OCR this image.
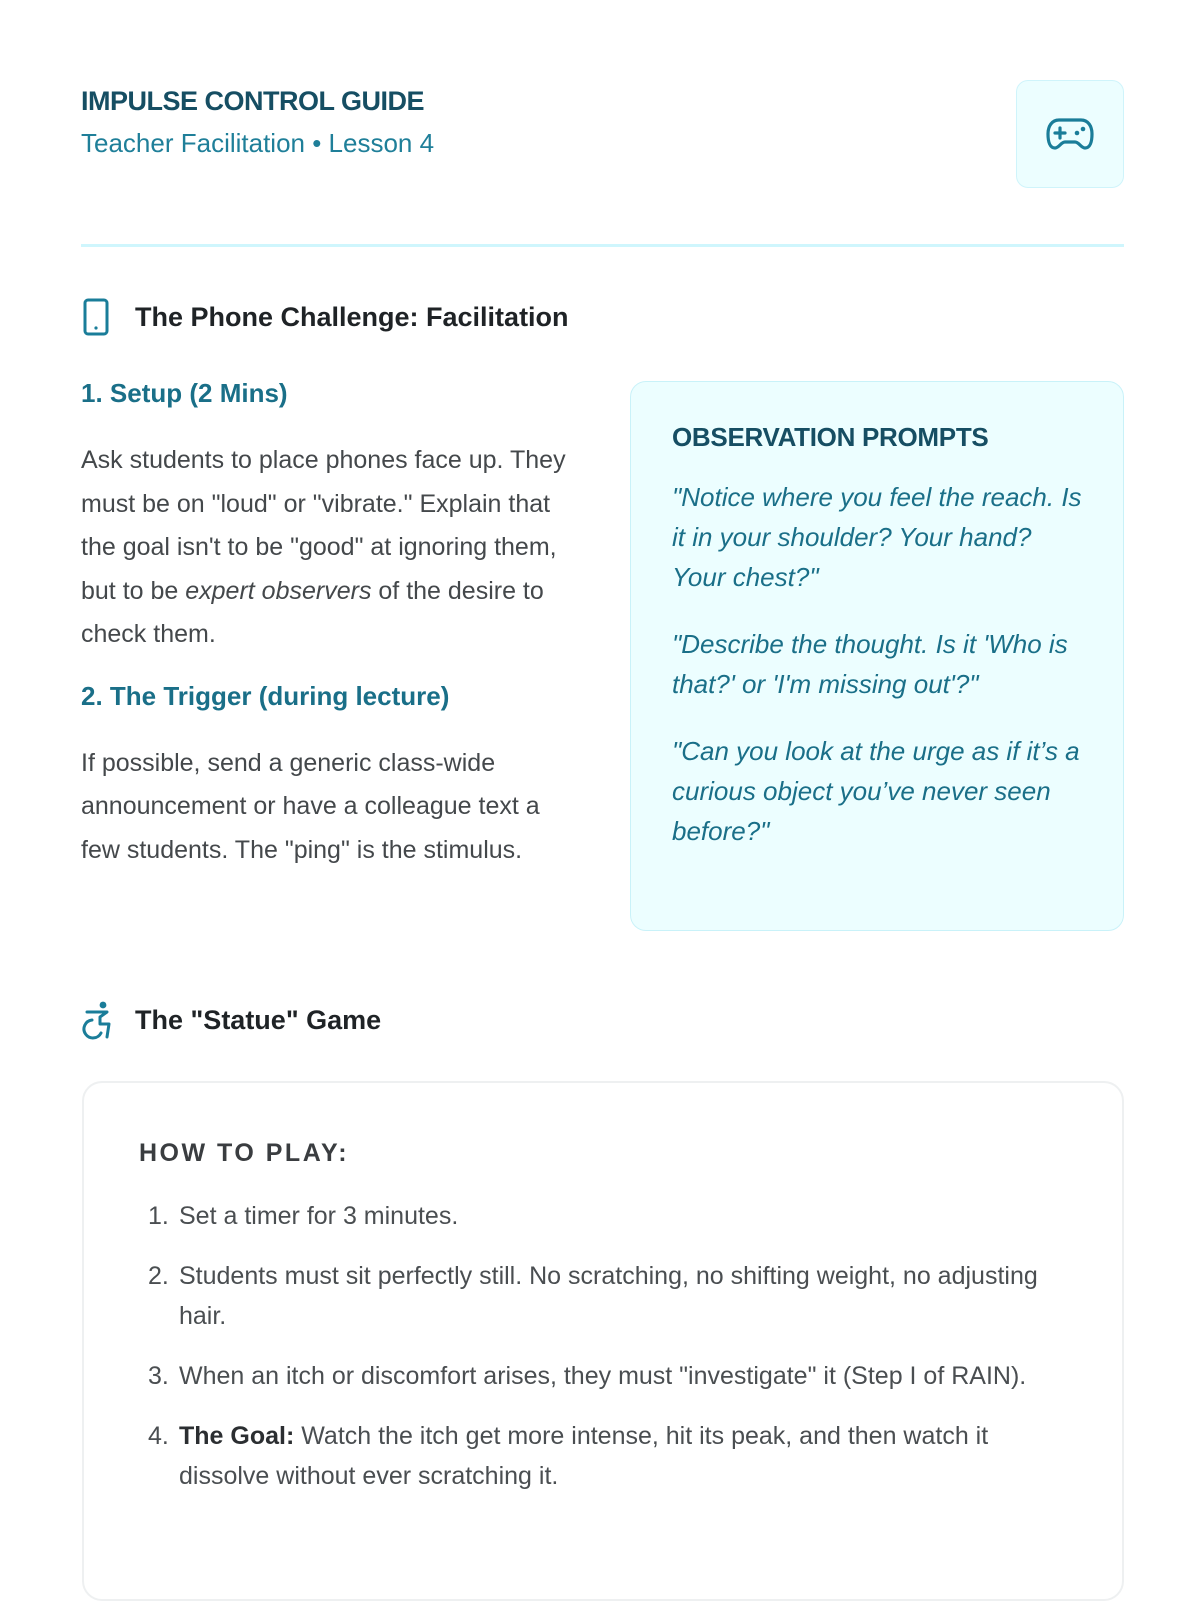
IMPULSE CONTROL GUIDE
Teacher Facilitation • Lesson 4
The Phone Challenge: Facilitation
1. Setup (2 Mins)

Ask students to place phones face up. They must be on "loud" or "vibrate." Explain that the goal isn't to be "good" at ignoring them, but to be expert observers of the desire to check them.

2. The Trigger (during lecture)

If possible, send a generic class-wide announcement or have a colleague text a few students. The "ping" is the stimulus.

OBSERVATION PROMPTS

"Notice where you feel the reach. Is it in your shoulder? Your hand? Your chest?"

"Describe the thought. Is it 'Who is that?' or 'I'm missing out'?"

"Can you look at the urge as if it’s a curious object you’ve never seen before?"

The "Statue" Game
HOW TO PLAY:
1. Set a timer for 3 minutes.
2. Students must sit perfectly still. No scratching, no shifting weight, no adjusting hair.
3. When an itch or discomfort arises, they must "investigate" it (Step I of RAIN).
4. The Goal: Watch the itch get more intense, hit its peak, and then watch it dissolve without ever scratching it.
